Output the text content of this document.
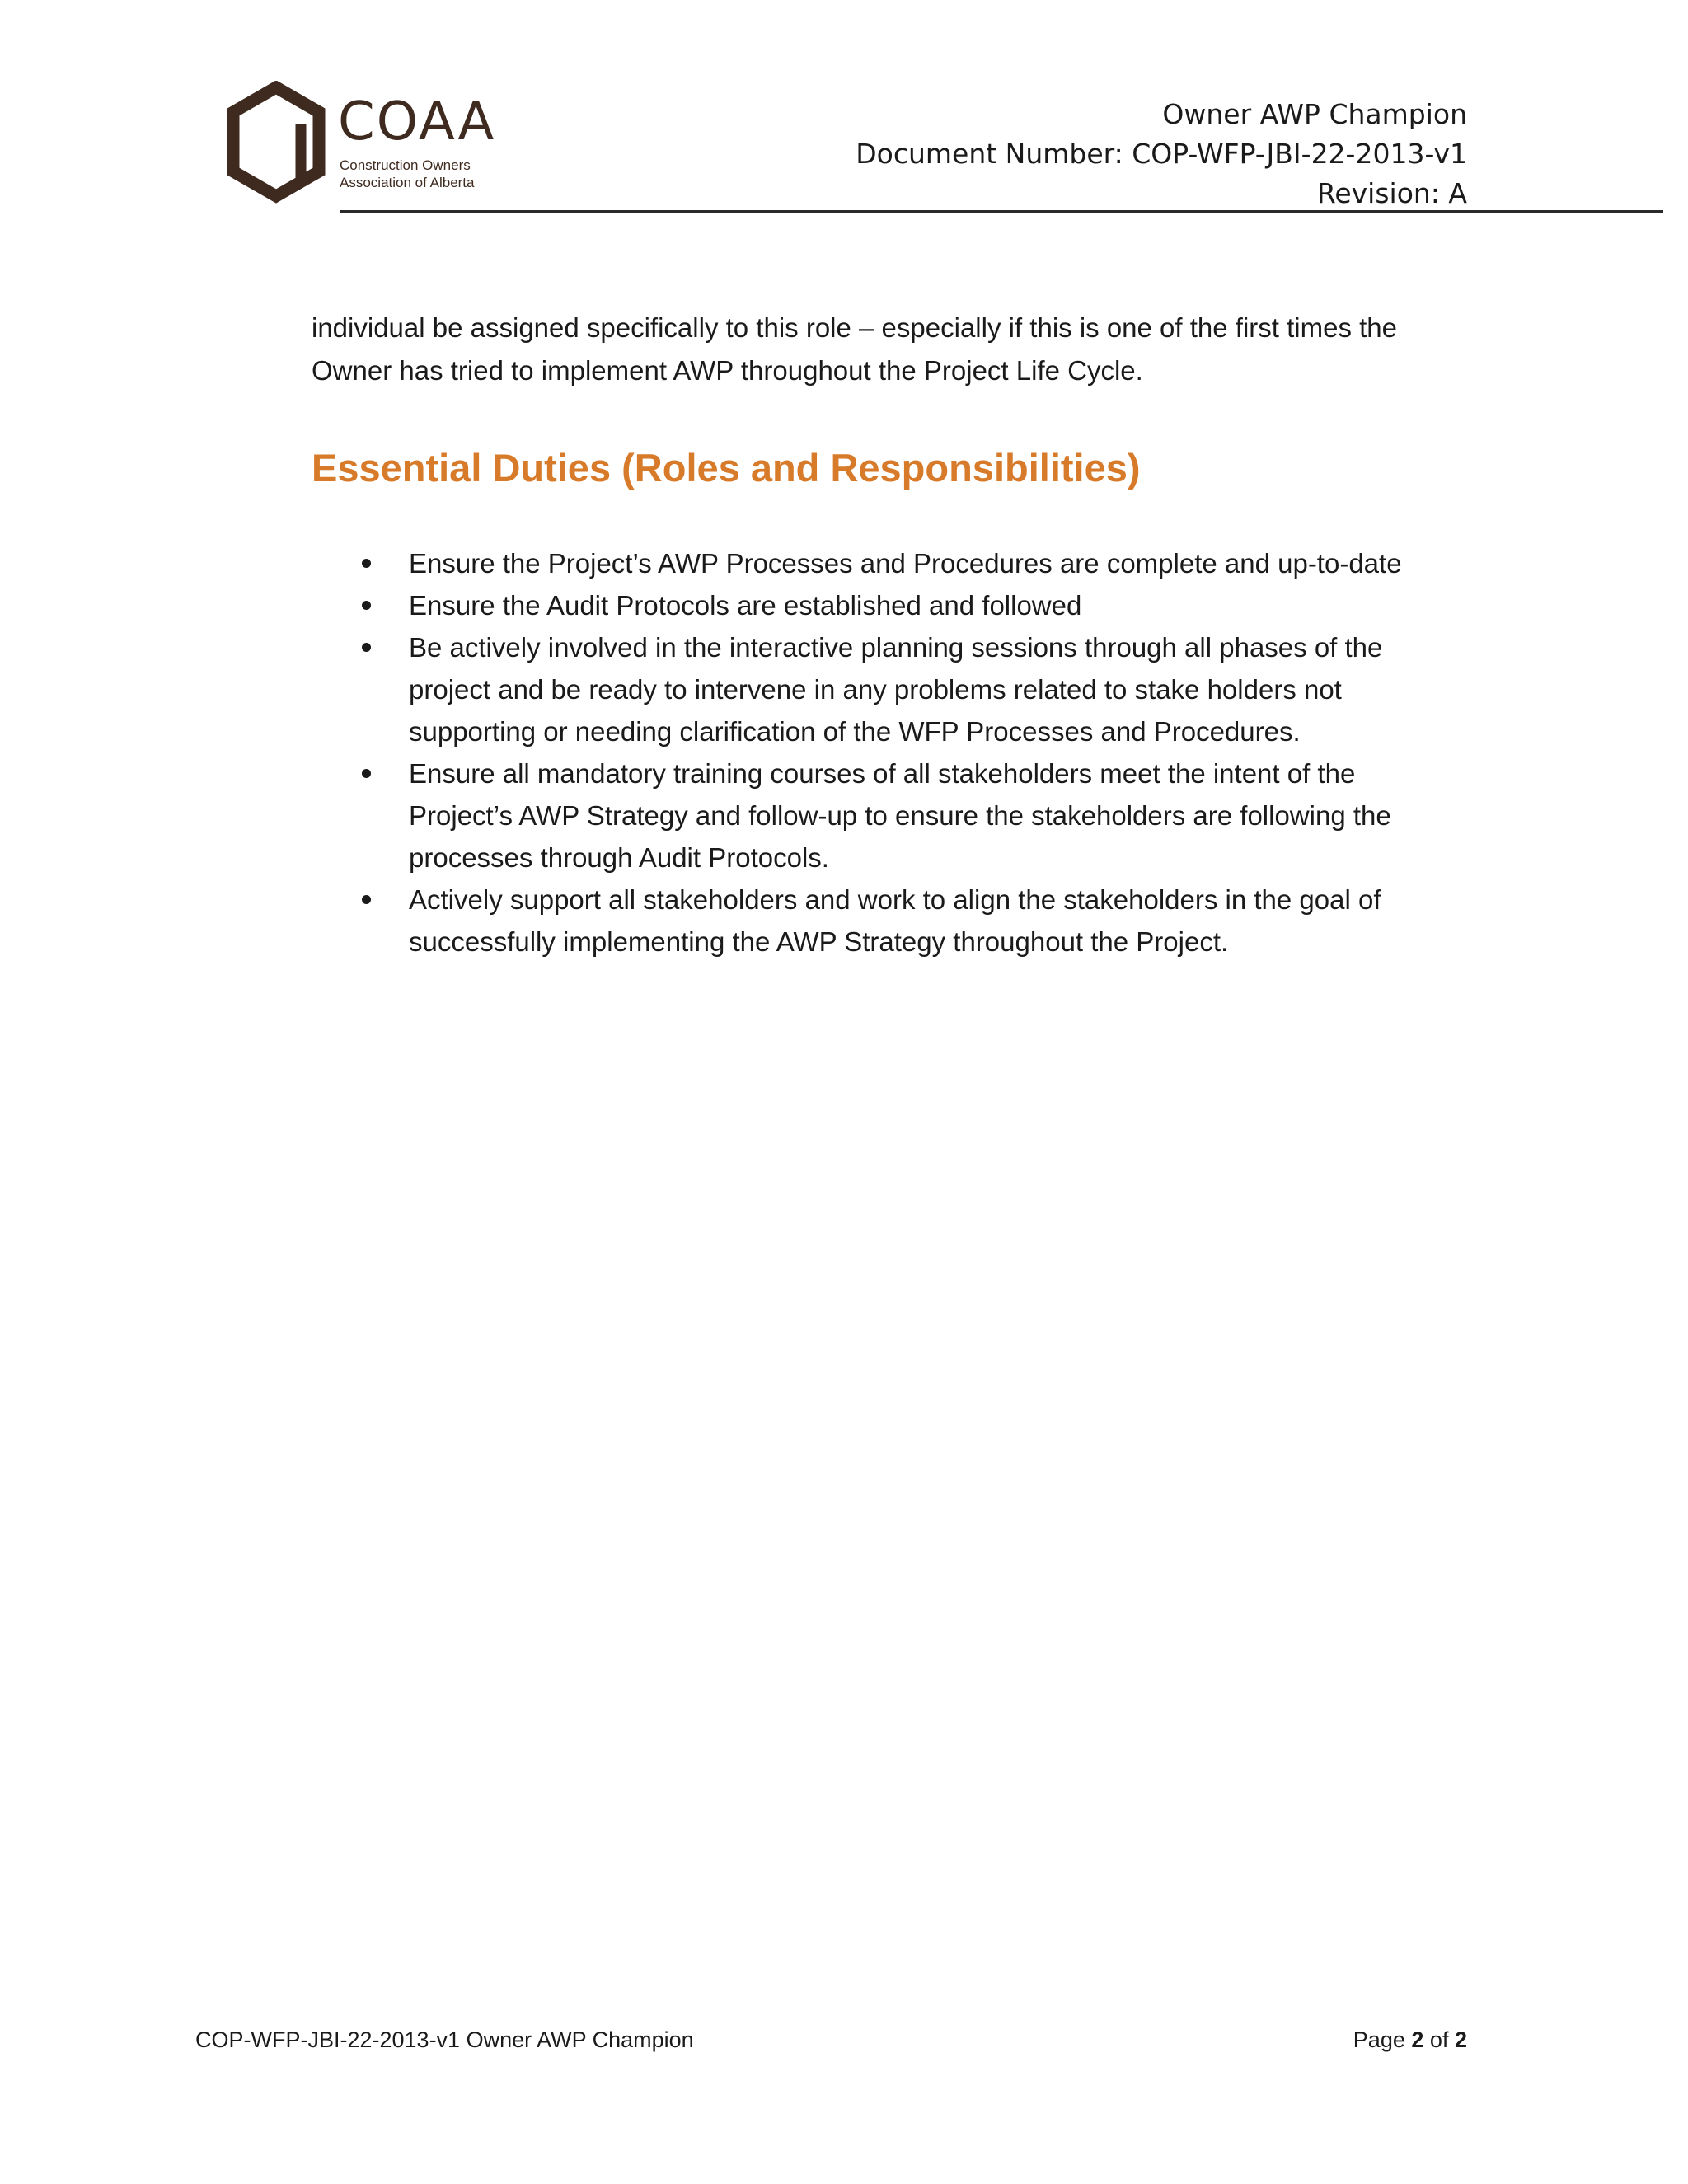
COAA
Construction Owners
Association of Alberta
Owner AWP Champion
Document Number: COP-WFP-JBI-22-2013-v1
Revision: A

individual be assigned specifically to this role – especially if this is one of the first times the Owner has tried to implement AWP throughout the Project Life Cycle.

Essential Duties (Roles and Responsibilities)
Ensure the Project’s AWP Processes and Procedures are complete and up-to-date
Ensure the Audit Protocols are established and followed
Be actively involved in the interactive planning sessions through all phases of the project and be ready to intervene in any problems related to stake holders not supporting or needing clarification of the WFP Processes and Procedures.
Ensure all mandatory training courses of all stakeholders meet the intent of the Project’s AWP Strategy and follow-up to ensure the stakeholders are following the processes through Audit Protocols.
Actively support all stakeholders and work to align the stakeholders in the goal of successfully implementing the AWP Strategy throughout the Project.
COP-WFP-JBI-22-2013-v1 Owner AWP Champion	Page 2 of 2
